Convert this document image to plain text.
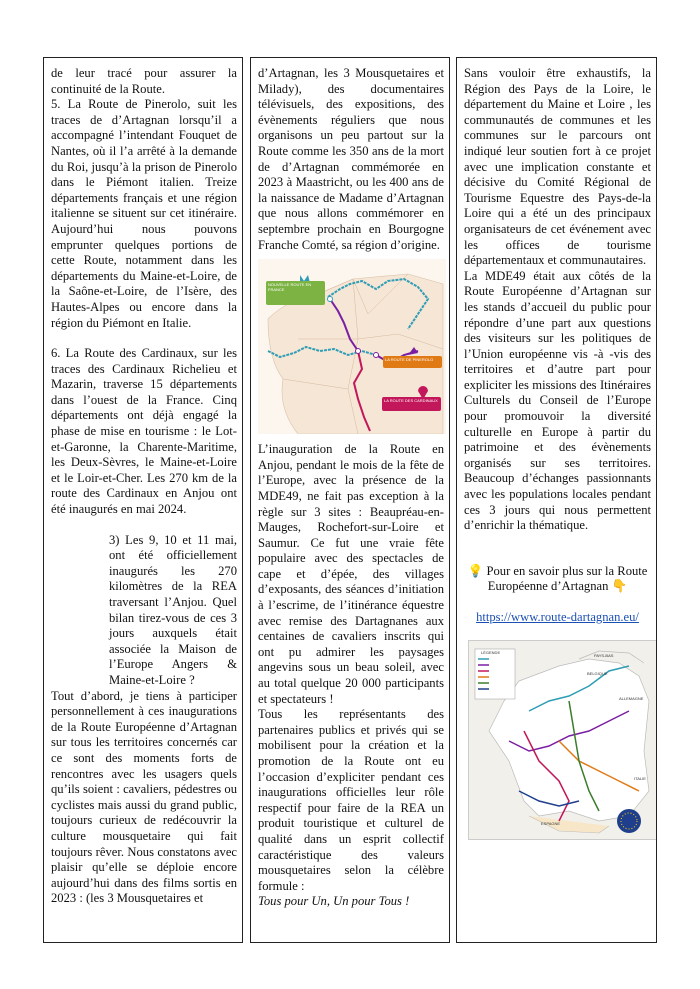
de leur tracé pour assurer la continuité de la Route.

5. La Route de Pinerolo, suit les traces de d’Artagnan lorsqu’il a accompagné l’intendant Fouquet de Nantes, où il l’a arrêté à la demande du Roi, jusqu’à la prison de Pinerolo dans le Piémont italien. Treize départements français et une région italienne se situent sur cet itinéraire. Aujourd’hui nous pouvons emprunter quelques portions de cette Route, notamment dans les départements du Maine-et-Loire, de la Saône-et-Loire, de l’Isère, des Hautes-Alpes ou encore dans la région du Piémont en Italie.

6. La Route des Cardinaux, sur les traces des Cardinaux Richelieu et Mazarin, traverse 15 départements dans l’ouest de la France. Cinq départements ont déjà engagé la phase de mise en tourisme : le Lot-et-Garonne, la Charente-Maritime, les Deux-Sèvres, le Maine-et-Loire et le Loir-et-Cher. Les 270 km de la route des Cardinaux en Anjou ont été inaugurés en mai 2024.

3) Les 9, 10 et 11 mai, ont été officiellement inaugurés les 270 kilomètres de la REA traversant l’Anjou. Quel bilan tirez-vous de ces 3 jours auxquels était associée la Maison de l’Europe Angers & Maine-et-Loire ?

Tout d’abord, je tiens à participer personnellement à ces inaugurations de la Route Européenne d’Artagnan sur tous les territoires concernés car ce sont des moments forts de rencontres avec les usagers quels qu’ils soient : cavaliers, pédestres ou cyclistes mais aussi du grand public, toujours curieux de redécouvrir la culture mousquetaire qui fait toujours rêver. Nous constatons avec plaisir qu’elle se déploie encore aujourd’hui dans des films sortis en 2023 : (les 3 Mousquetaires et

d’Artagnan, les 3 Mousquetaires et Milady), des documentaires télévisuels, des expositions, des évènements réguliers que nous organisons un peu partout sur la Route comme les 350 ans de la mort de d’Artagnan commémorée en 2023 à Maastricht, ou les 400 ans de la naissance de Madame d’Artagnan que nous allons commémorer en septembre prochain en Bourgogne Franche Comté, sa région d’origine.

NOUVELLE ROUTE EN FRANCE
LA ROUTE DE PINEROLO
LA ROUTE DES CARDINAUX

L’inauguration de la Route en Anjou, pendant le mois de la fête de l’Europe, avec la présence de la MDE49, ne fait pas exception à la règle sur 3 sites : Beaupréau-en-Mauges, Rochefort-sur-Loire et Saumur. Ce fut une vraie fête populaire avec des spectacles de cape et d’épée, des villages d’exposants, des séances d’initiation à l’escrime, de l’itinérance équestre avec remise des Dartagnanes aux centaines de cavaliers inscrits qui ont pu admirer les paysages angevins sous un beau soleil, avec au total quelque 20 000 participants et spectateurs !

Tous les représentants des partenaires publics et privés qui se mobilisent pour la création et la promotion de la Route ont eu l’occasion d’expliciter pendant ces inaugurations officielles leur rôle respectif pour faire de la REA un produit touristique et culturel de qualité dans un esprit collectif caractéristique des valeurs mousquetaires selon la célèbre formule :

Tous pour Un, Un pour Tous !

Sans vouloir être exhaustifs, la Région des Pays de la Loire, le département du Maine et Loire , les communautés de communes et les communes sur le parcours ont indiqué leur soutien fort à ce projet avec une implication constante et décisive du Comité Régional de Tourisme Equestre des Pays-de-la Loire qui a été un des principaux organisateurs de cet événement avec les offices de tourisme départementaux et communautaires.

La MDE49 était aux côtés de la Route Européenne d’Artagnan sur les stands d’accueil du public pour répondre d’une part aux questions des visiteurs sur les politiques de l’Union européenne vis -à -vis des territoires et d’autre part pour expliciter les missions des Itinéraires Culturels du Conseil de l’Europe pour promouvoir la diversité culturelle en Europe à partir du patrimoine et des évènements organisés sur ses territoires. Beaucoup d’échanges passionnants avec les populations locales pendant ces 3 jours qui nous permettent d’enrichir la thématique.

💡 Pour en savoir plus sur la Route Européenne d’Artagnan 👇

https://www.route-dartagnan.eu/

LÉGENDE
PAYS-BAS
BELGIQUE
ALLEMAGNE
ITALIE
ESPAGNE
